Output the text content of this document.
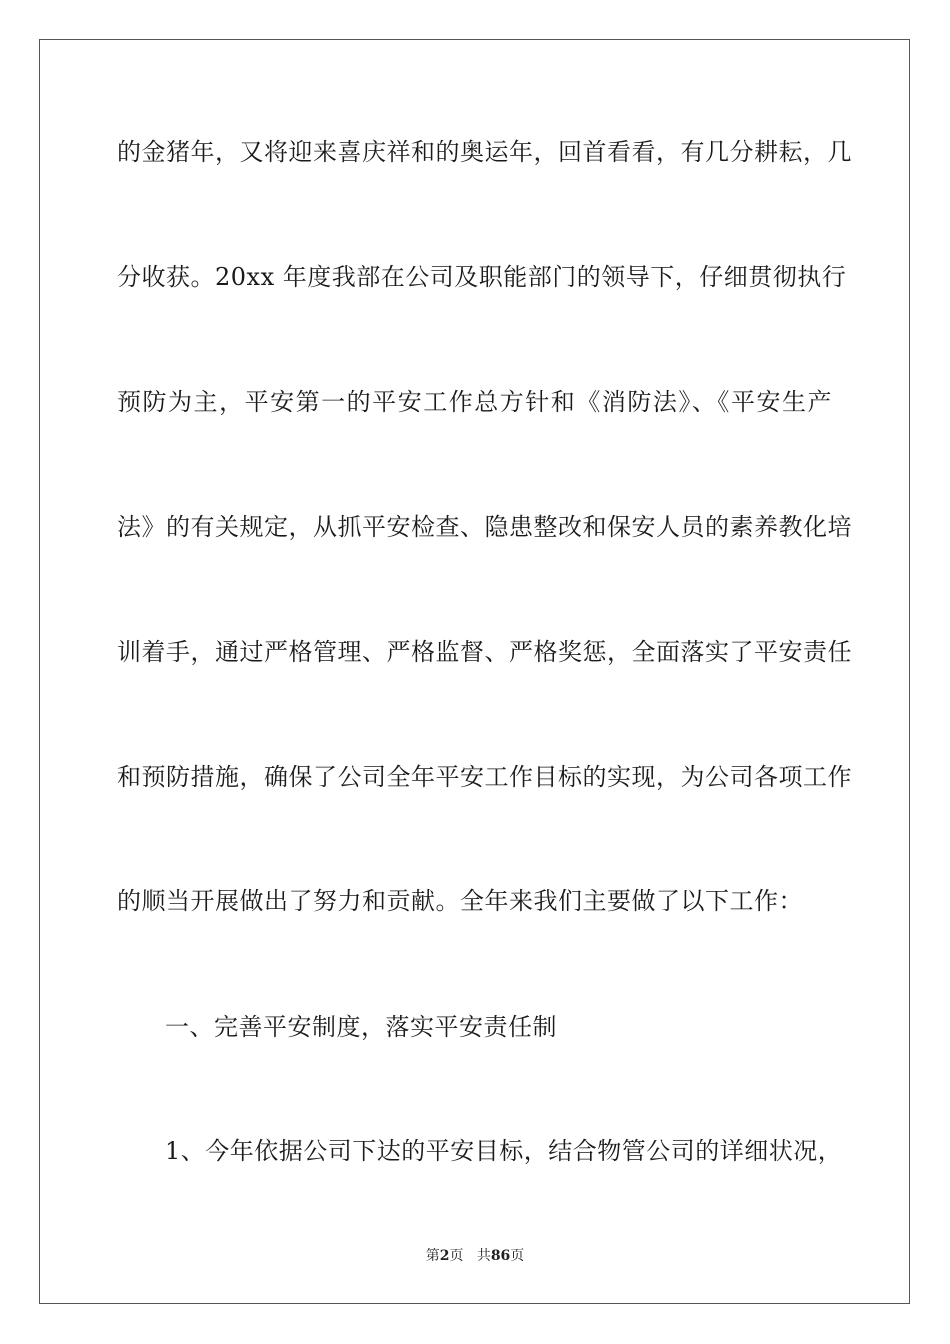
的金猪年，又将迎来喜庆祥和的奥运年，回首看看，有几分耕耘，几
分收获。20xx 年度我部在公司及职能部门的领导下，仔细贯彻执行
预防为主，平安第一的平安工作总方针和《消防法》、《平安生产
法》的有关规定，从抓平安检查、隐患整改和保安人员的素养教化培
训着手，通过严格管理、严格监督、严格奖惩，全面落实了平安责任
和预防措施，确保了公司全年平安工作目标的实现，为公司各项工作
的顺当开展做出了努力和贡献。全年来我们主要做了以下工作：
一、完善平安制度，落实平安责任制
1、今年依据公司下达的平安目标，结合物管公司的详细状况，
第2页 共86页
